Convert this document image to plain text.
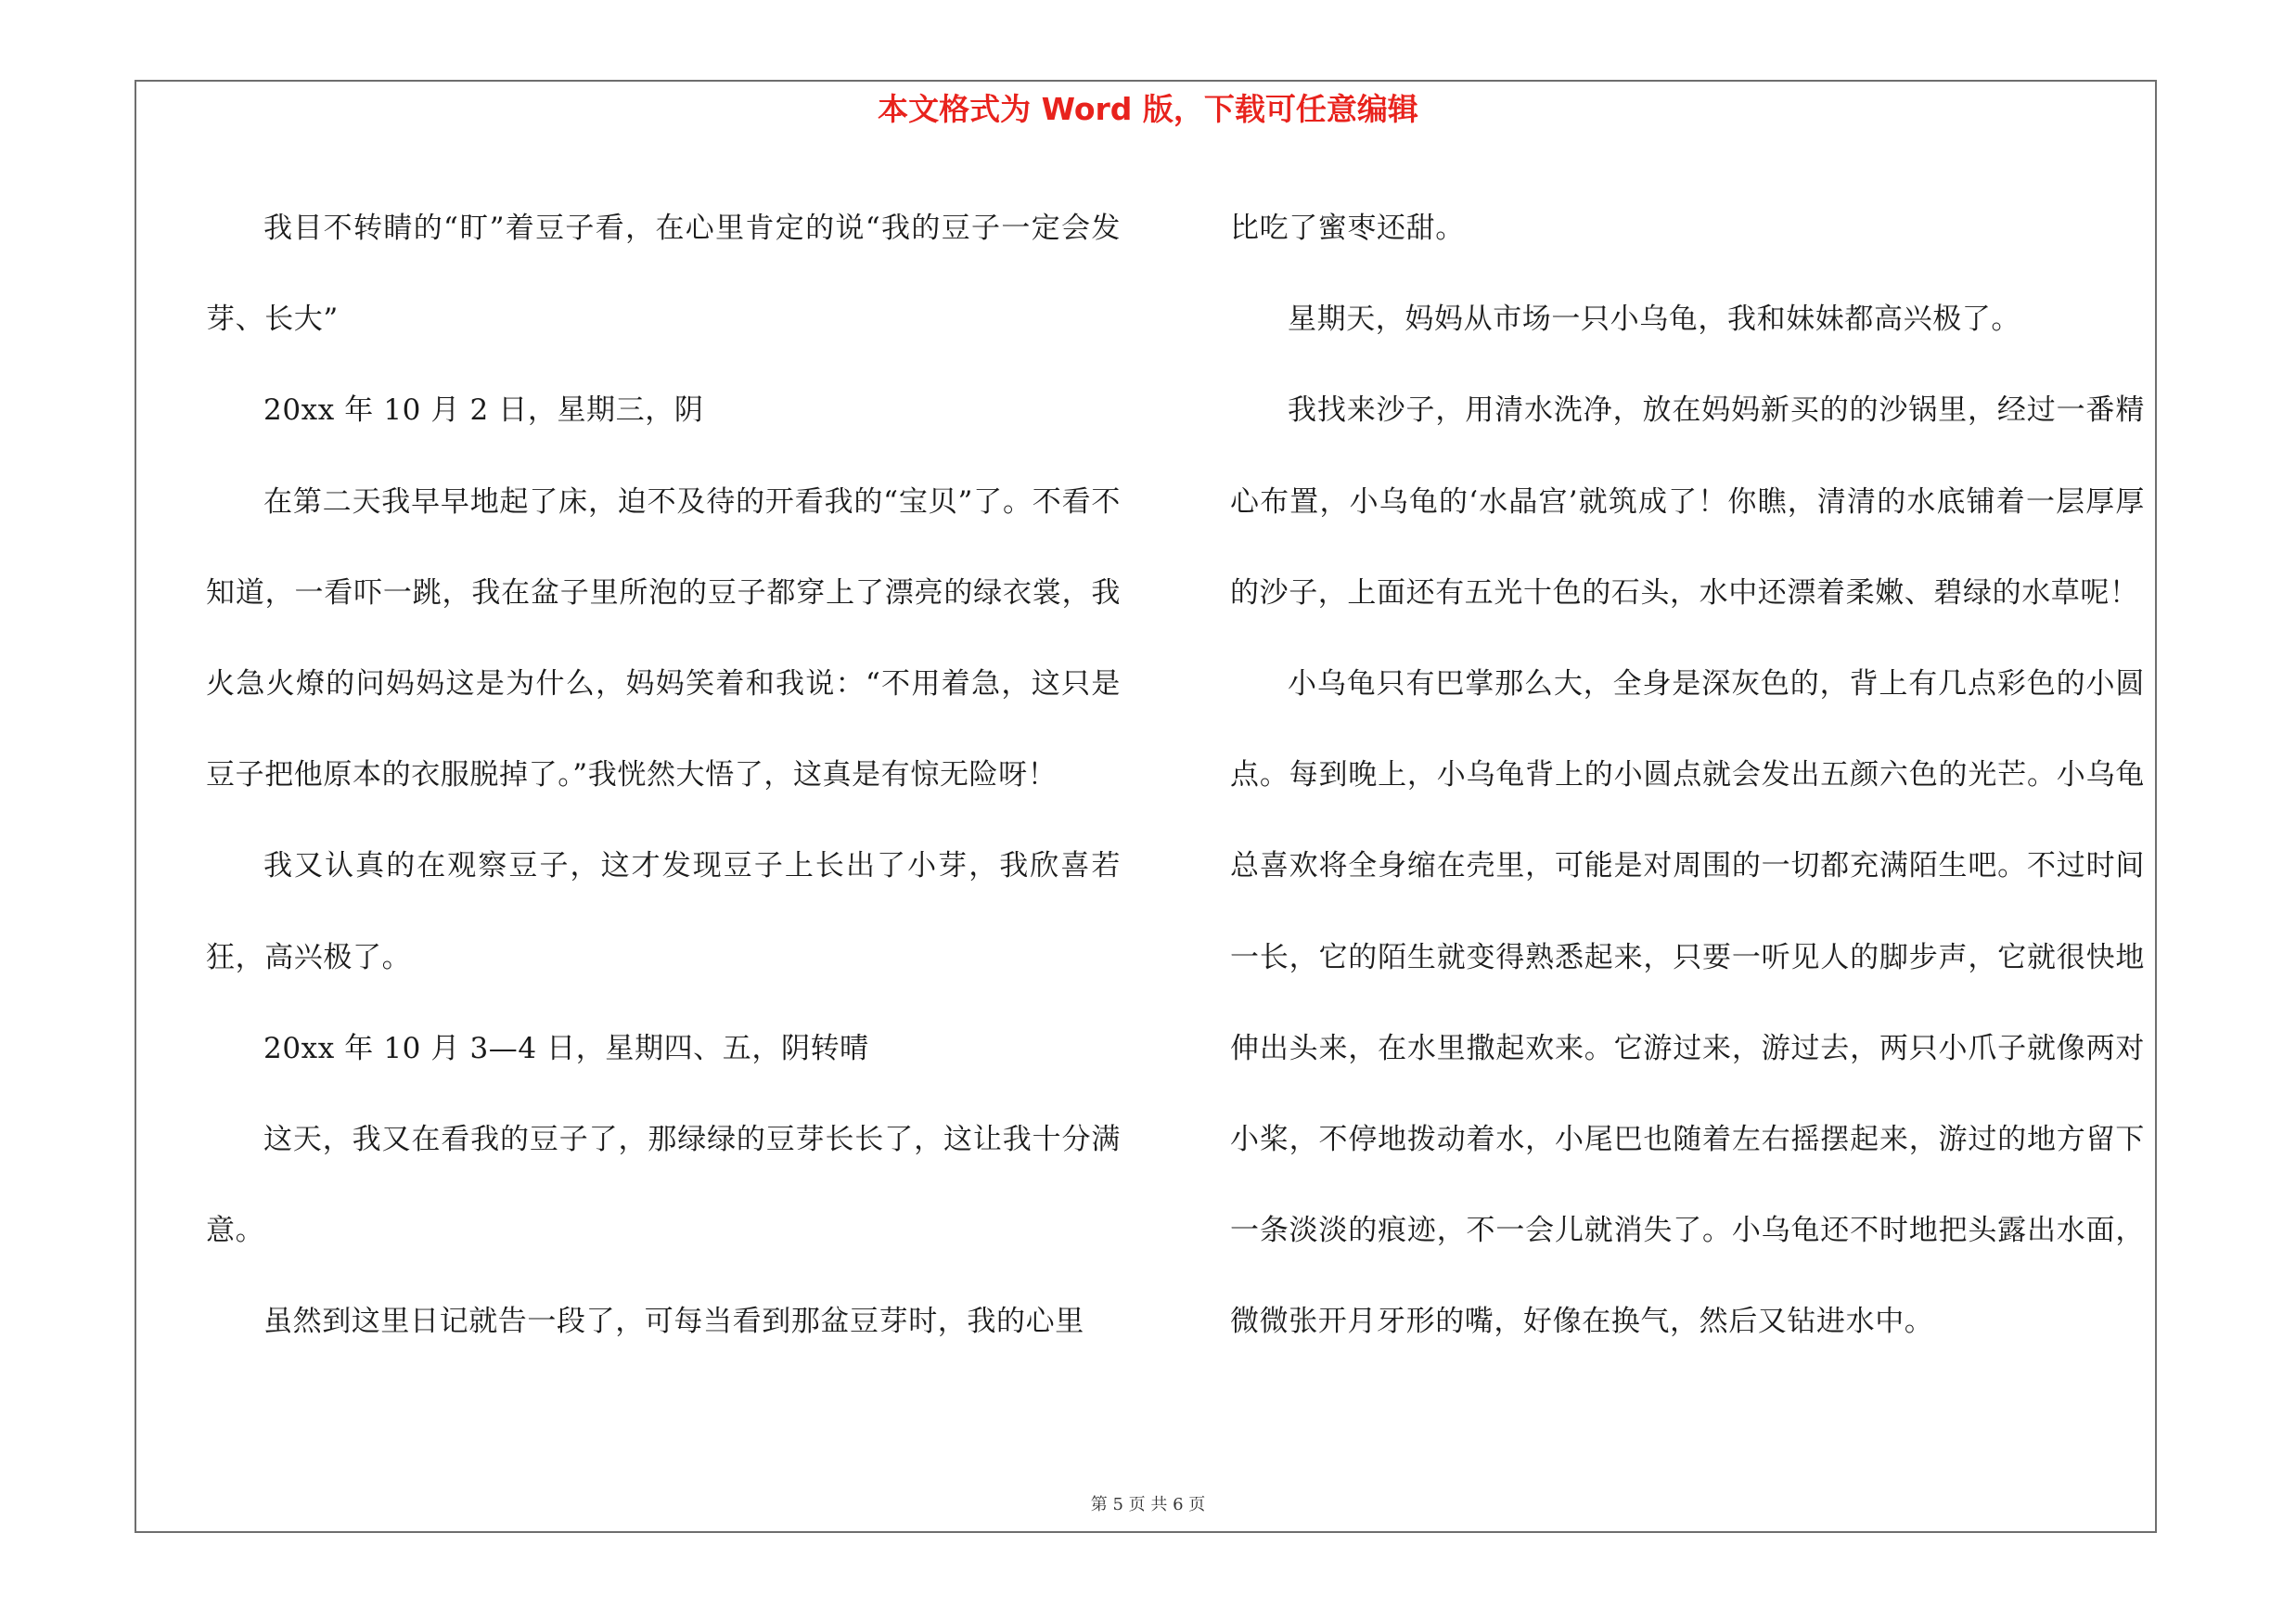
本文格式为 Word 版，下载可任意编辑

我目不转睛的“盯”着豆子看，在心里肯定的说“我的豆子一定会发芽、长大”

20xx 年 10 月 2 日，星期三，阴

在第二天我早早地起了床，迫不及待的开看我的“宝贝”了。不看不知道，一看吓一跳，我在盆子里所泡的豆子都穿上了漂亮的绿衣裳，我火急火燎的问妈妈这是为什么，妈妈笑着和我说：“不用着急，这只是豆子把他原本的衣服脱掉了。”我恍然大悟了，这真是有惊无险呀！

我又认真的在观察豆子，这才发现豆子上长出了小芽，我欣喜若狂，高兴极了。

20xx 年 10 月 3—4 日，星期四、五，阴转晴

这天，我又在看我的豆子了，那绿绿的豆芽长长了，这让我十分满意。

虽然到这里日记就告一段了，可每当看到那盆豆芽时，我的心里

比吃了蜜枣还甜。

星期天，妈妈从市场一只小乌龟，我和妹妹都高兴极了。

我找来沙子，用清水洗净，放在妈妈新买的的沙锅里，经过一番精心布置，小乌龟的‘水晶宫’就筑成了！你瞧，清清的水底铺着一层厚厚的沙子，上面还有五光十色的石头，水中还漂着柔嫩、碧绿的水草呢！

小乌龟只有巴掌那么大，全身是深灰色的，背上有几点彩色的小圆点。每到晚上，小乌龟背上的小圆点就会发出五颜六色的光芒。小乌龟总喜欢将全身缩在壳里，可能是对周围的一切都充满陌生吧。不过时间一长，它的陌生就变得熟悉起来，只要一听见人的脚步声，它就很快地伸出头来，在水里撒起欢来。它游过来，游过去，两只小爪子就像两对小桨，不停地拨动着水，小尾巴也随着左右摇摆起来，游过的地方留下一条淡淡的痕迹，不一会儿就消失了。小乌龟还不时地把头露出水面，微微张开月牙形的嘴，好像在换气，然后又钻进水中。

第 5 页 共 6 页
